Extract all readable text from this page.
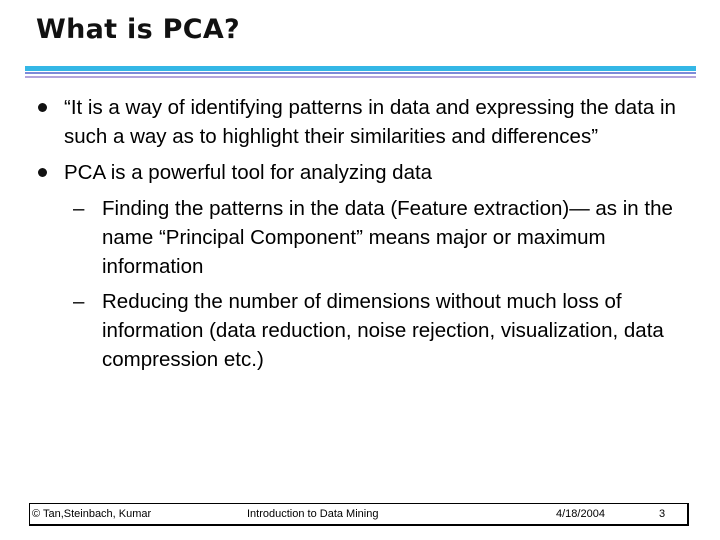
What is PCA?
“It is a way of identifying patterns in data and expressing the data in such a way as to highlight their similarities and differences”
PCA is a powerful tool for analyzing data
– Finding the patterns in the data (Feature extraction)— as in the name “Principal Component” means major or maximum information
– Reducing the number of dimensions without much loss of information (data reduction, noise rejection, visualization, data compression etc.)
© Tan,Steinbach, Kumar	Introduction to Data Mining	4/18/2004	3
